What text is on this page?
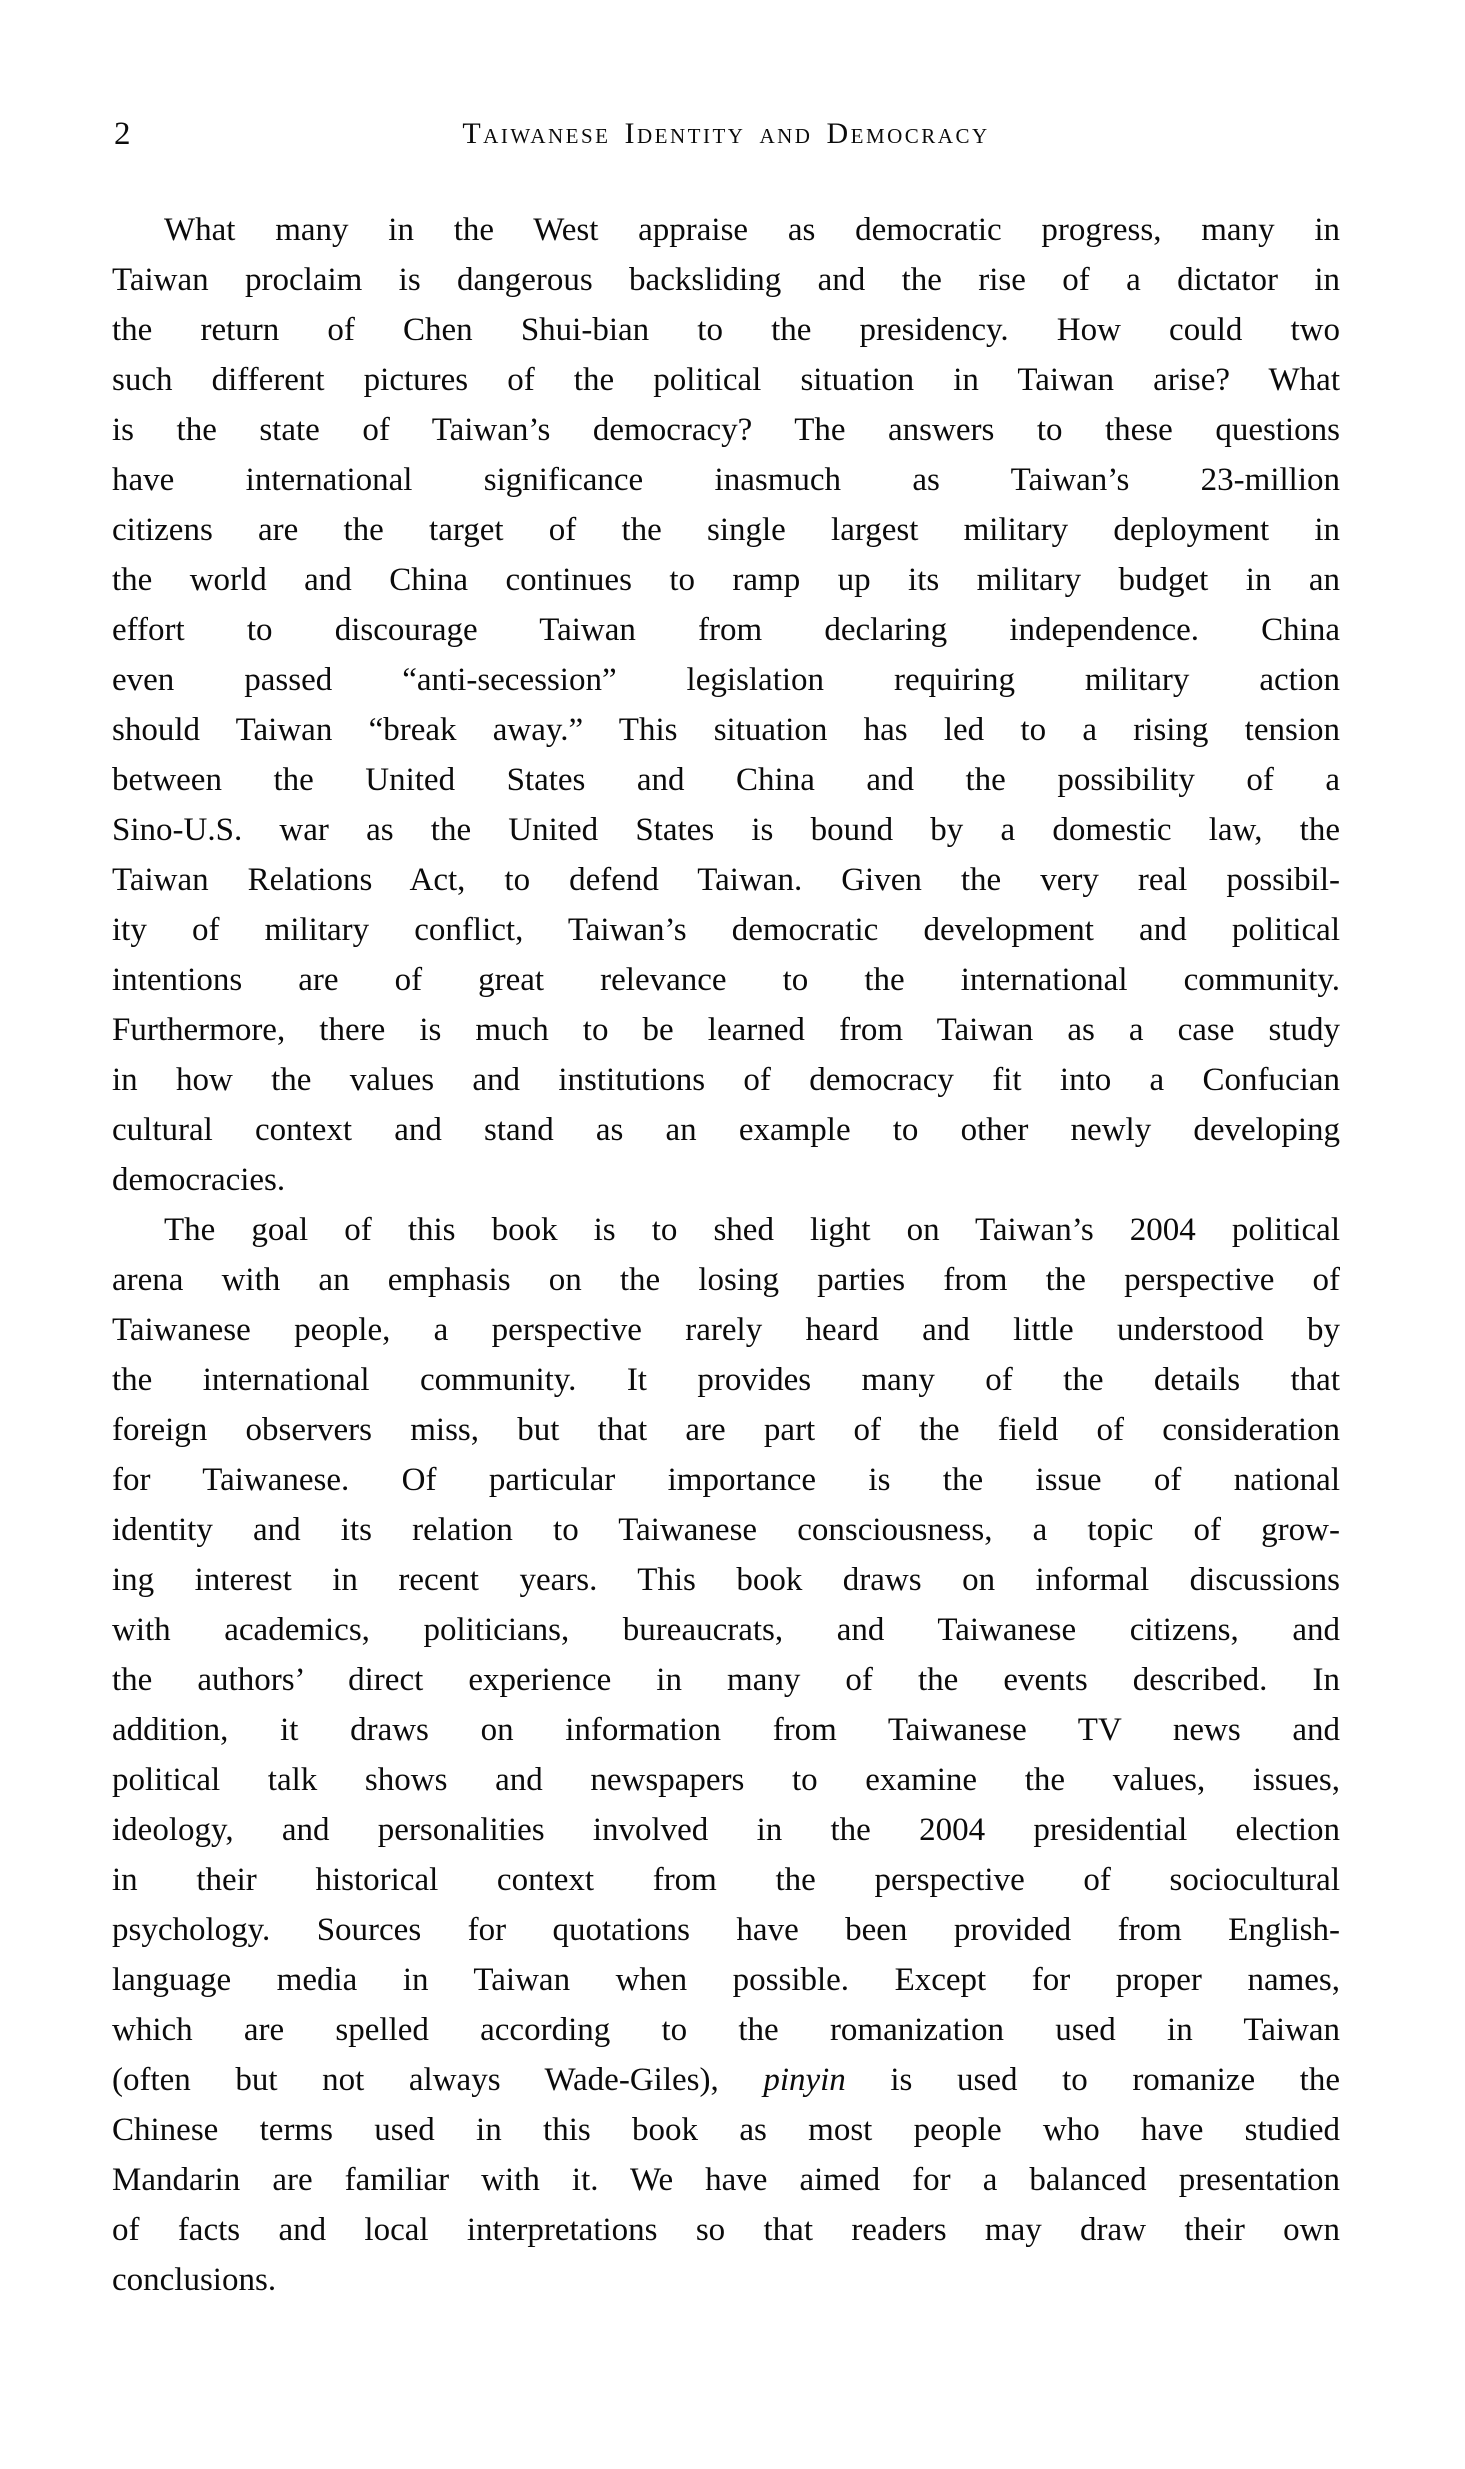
2	Taiwanese Identity and Democracy
What many in the West appraise as democratic progress, many in
Taiwan proclaim is dangerous backsliding and the rise of a dictator in
the return of Chen Shui-bian to the presidency. How could two
such different pictures of the political situation in Taiwan arise? What
is the state of Taiwan’s democracy? The answers to these questions
have international significance inasmuch as Taiwan’s 23-million
citizens are the target of the single largest military deployment in
the world and China continues to ramp up its military budget in an
effort to discourage Taiwan from declaring independence. China
even passed “anti-secession” legislation requiring military action
should Taiwan “break away.” This situation has led to a rising tension
between the United States and China and the possibility of a
Sino-U.S. war as the United States is bound by a domestic law, the
Taiwan Relations Act, to defend Taiwan. Given the very real possibil-
ity of military conflict, Taiwan’s democratic development and political
intentions are of great relevance to the international community.
Furthermore, there is much to be learned from Taiwan as a case study
in how the values and institutions of democracy fit into a Confucian
cultural context and stand as an example to other newly developing
democracies.
The goal of this book is to shed light on Taiwan’s 2004 political
arena with an emphasis on the losing parties from the perspective of
Taiwanese people, a perspective rarely heard and little understood by
the international community. It provides many of the details that
foreign observers miss, but that are part of the field of consideration
for Taiwanese. Of particular importance is the issue of national
identity and its relation to Taiwanese consciousness, a topic of grow-
ing interest in recent years. This book draws on informal discussions
with academics, politicians, bureaucrats, and Taiwanese citizens, and
the authors’ direct experience in many of the events described. In
addition, it draws on information from Taiwanese TV news and
political talk shows and newspapers to examine the values, issues,
ideology, and personalities involved in the 2004 presidential election
in their historical context from the perspective of sociocultural
psychology. Sources for quotations have been provided from English-
language media in Taiwan when possible. Except for proper names,
which are spelled according to the romanization used in Taiwan
(often but not always Wade-Giles), pinyin is used to romanize the
Chinese terms used in this book as most people who have studied
Mandarin are familiar with it. We have aimed for a balanced presentation
of facts and local interpretations so that readers may draw their own
conclusions.
